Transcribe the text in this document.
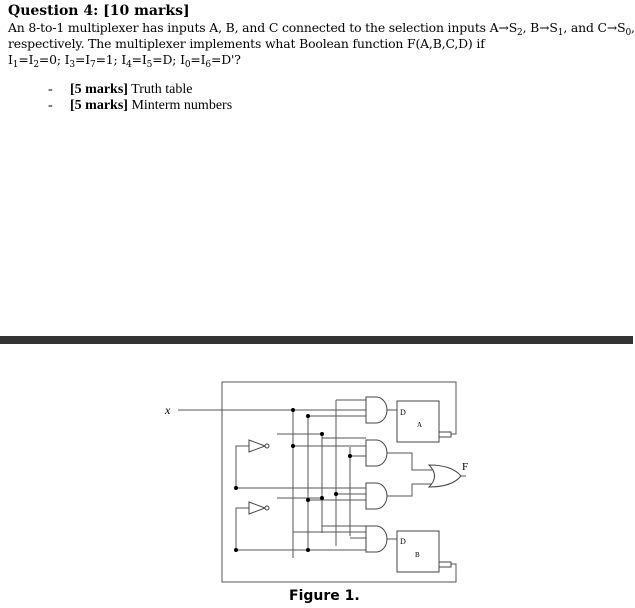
Question 4: [10 marks]
An 8-to-1 multiplexer has inputs A, B, and C connected to the selection inputs $A\to S_2$, $B\to S_1$, and $C\to S_0$,
respectively. The multiplexer implements what Boolean function F(A,B,C,D) if
$I_1=I_2=0$; $I_3=I_7=1$; $I_4=I_5=D$; $I_0=I_6=D'$?
- [5 marks] Truth table
- [5 marks] Minterm numbers
x	D
A
D
B
F
Figure 1.
